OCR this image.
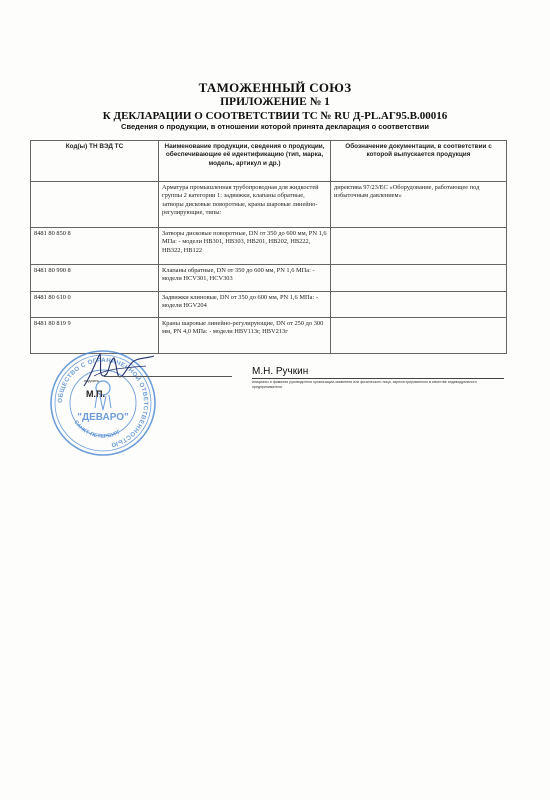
ТАМОЖЕННЫЙ СОЮЗ
ПРИЛОЖЕНИЕ № 1
К ДЕКЛАРАЦИИ О СООТВЕТСТВИИ ТС № RU Д-PL.АГ95.В.00016
Сведения о продукции, в отношении которой принята декларация о соответствии
Код(ы) ТН ВЭД ТС	Наименование продукции, сведения о продукции, обеспечивающие её идентификацию (тип, марка, модель, артикул и др.)	Обозначение документации, в соответствии с которой выпускается продукция
	Арматура промышленная трубопроводная для жидкостей группы 2 категории 1: задвижки, клапаны обратные, затворы дисковые поворотные, краны шаровые линейно-регулирующие, типы:	директива 97/23/ЕС «Оборудование, работающее под избыточным давлением»
8481 80 850 8	Затворы дисковые поворотные, DN от 350 до 600 мм, PN 1,6 МПа: - модели HB301, HB303, HB201, HB202, HB222, HB322, HB122	
8481 80 990 8	Клапаны обратные, DN от 350 до 600 мм, PN 1,6 МПа: - модели HCV301, HCV303	
8481 80 610 0	Задвижки клиновые, DN от 350 до 600 мм, PN 1,6 МПа: - модели HGV204	
8481 80 819 9	Краны шаровые линейно-регулирующие, DN от 250 до 300 мм, PN 4,0 МПа: - модели HBV113г, HBV213г	
ОБЩЕСТВО С ОГРАНИЧЕННОЙ ОТВЕТСТВЕННОСТЬЮ
"ДЕВАРО"
САНКТ-ПЕТЕРБУРГ
подпись
М.П.
М.Н. Ручкин
инициалы и фамилия руководителя организации-заявителя или физического лица, зарегистрированного в качестве индивидуального предпринимателя
